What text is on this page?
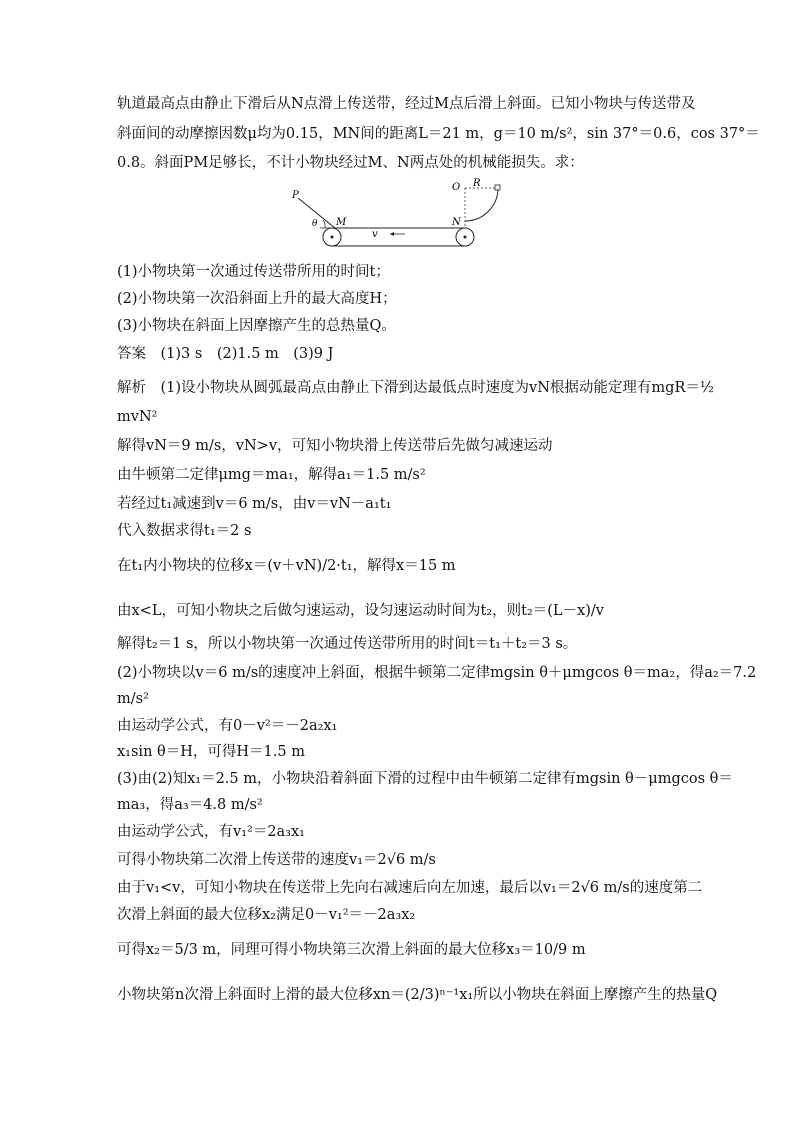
轨道最高点由静止下滑后从N点滑上传送带，经过M点后滑上斜面。已知小物块与传送带及
斜面间的动摩擦因数μ均为0.15，MN间的距离L＝21 m，g＝10 m/s²，sin 37°＝0.6，cos 37°＝
0.8。斜面PM足够长，不计小物块经过M、N两点处的机械能损失。求：
P
θ M	N
O R
v
(1)小物块第一次通过传送带所用的时间t；
(2)小物块第一次沿斜面上升的最大高度H；
(3)小物块在斜面上因摩擦产生的总热量Q。
答案　(1)3 s　(2)1.5 m　(3)9 J
解析　(1)设小物块从圆弧最高点由静止下滑到达最低点时速度为vN根据动能定理有mgR＝½
mvN²
解得vN＝9 m/s，vN>v，可知小物块滑上传送带后先做匀减速运动
由牛顿第二定律μmg＝ma₁，解得a₁＝1.5 m/s²
若经过t₁减速到v＝6 m/s，由v＝vN－a₁t₁
代入数据求得t₁＝2 s
在t₁内小物块的位移x＝(v＋vN)/2·t₁，解得x＝15 m
由x<L，可知小物块之后做匀速运动，设匀速运动时间为t₂，则t₂＝(L－x)/v
解得t₂＝1 s，所以小物块第一次通过传送带所用的时间t＝t₁＋t₂＝3 s。
(2)小物块以v＝6 m/s的速度冲上斜面，根据牛顿第二定律mgsin θ＋μmgcos θ＝ma₂，得a₂＝7.2
m/s²
由运动学公式，有0－v²＝－2a₂x₁
x₁sin θ＝H，可得H＝1.5 m
(3)由(2)知x₁＝2.5 m，小物块沿着斜面下滑的过程中由牛顿第二定律有mgsin θ－μmgcos θ＝
ma₃，得a₃＝4.8 m/s²
由运动学公式，有v₁²＝2a₃x₁
可得小物块第二次滑上传送带的速度v₁＝2√6 m/s
由于v₁<v，可知小物块在传送带上先向右减速后向左加速，最后以v₁＝2√6 m/s的速度第二
次滑上斜面的最大位移x₂满足0－v₁²＝－2a₃x₂
可得x₂＝5/3 m，同理可得小物块第三次滑上斜面的最大位移x₃＝10/9 m
小物块第n次滑上斜面时上滑的最大位移xn＝(2/3)ⁿ⁻¹x₁所以小物块在斜面上摩擦产生的热量Q
